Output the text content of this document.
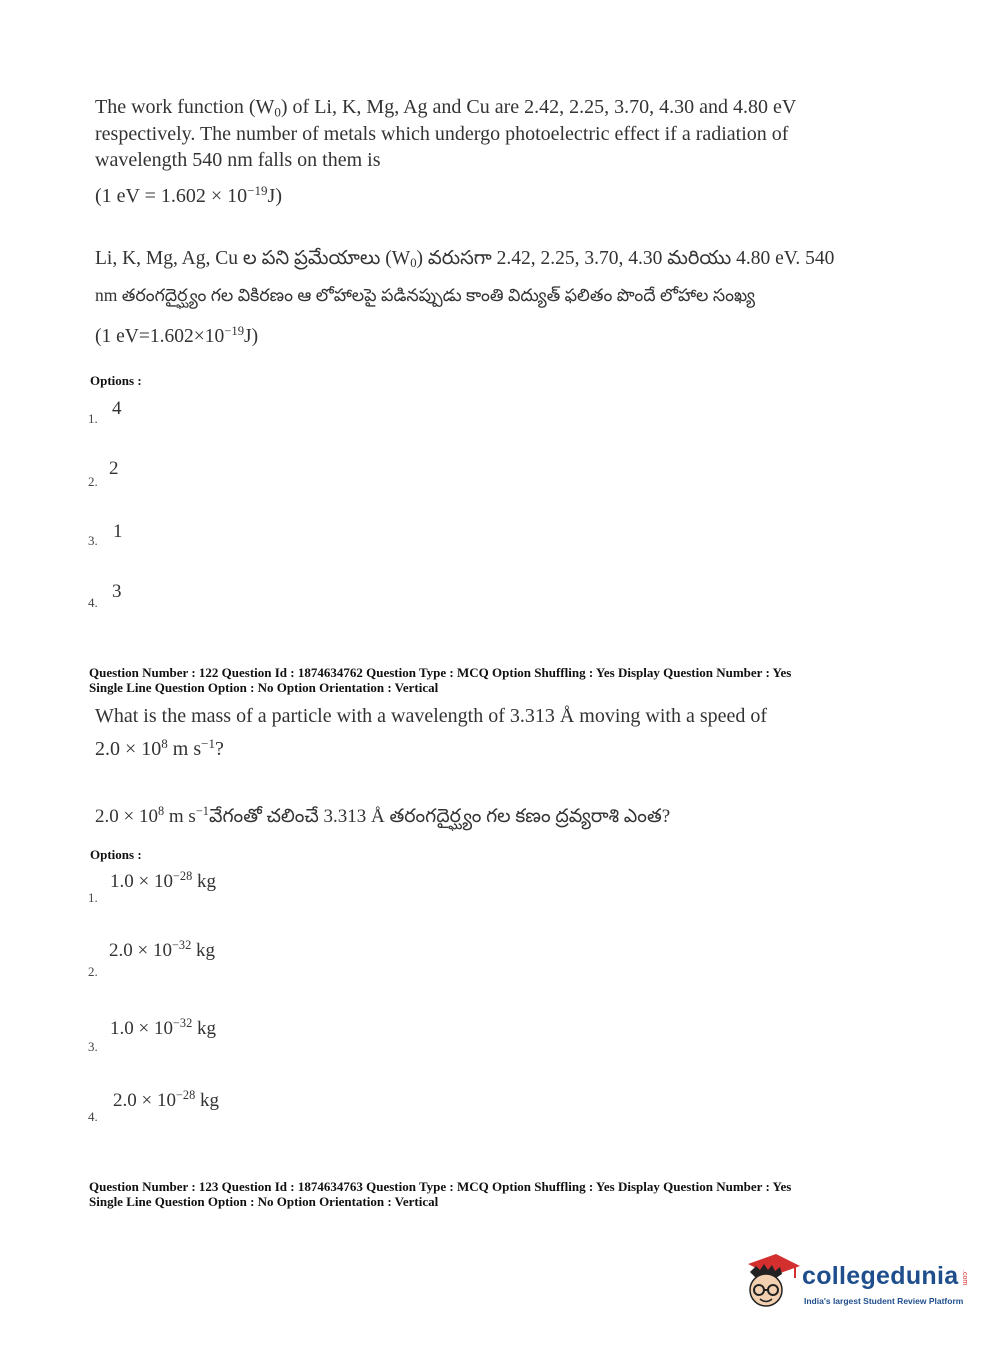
The work function $(W_0)$ of Li, K, Mg, Ag and Cu are 2.42, 2.25, 3.70, 4.30 and 4.80 eV
respectively. The number of metals which undergo photoelectric effect if a radiation of
wavelength 540 nm falls on them is
(1 eV = $1.602 \times 10^{-19}J$)
Li, K, Mg, Ag, Cu ల పని ప్రమేయాలు $(W_0)$ వరుసగా 2.42, 2.25, 3.70, 4.30 మరియు 4.80 eV. 540
nm తరంగదైర్ఘ్యం గల వికిరణం ఆ లోహాలపై పడినప్పుడు కాంతి విద్యుత్ ఫలితం పొందే లోహాల సంఖ్య
(1 $eV=1.602\times 10^{-19}J$)
Options :
1. 4
2.
2
3. 1
4.
3
Question Number : 122 Question Id : 1874634762 Question Type : MCQ Option Shuffling : Yes Display Question Number : Yes
Single Line Question Option : No Option Orientation : Vertical
What is the mass of a particle with a wavelength of 3.313 Å moving with a speed of
$2.0 \times 10^8$ m $s^{-1}$?
$2.0 \times 10^8$ m $s^{-1}వేగంతో$ చలించే 3.313 Å తరంగదైర్ఘ్యం గల కణం ద్రవ్యరాశి ఎంత?
Options :
1.
$1.0 \times 10^{-28}$ kg
2.
$2.0 \times 10^{-32}$ kg
3.
$1.0 \times 10^{-32}$ kg
4.
$2.0 \times 10^{-28}$ kg
Question Number : 123 Question Id : 1874634763 Question Type : MCQ Option Shuffling : Yes Display Question Number : Yes
Single Line Question Option : No Option Orientation : Vertical
collegedunia .com
India's largest Student Review Platform
